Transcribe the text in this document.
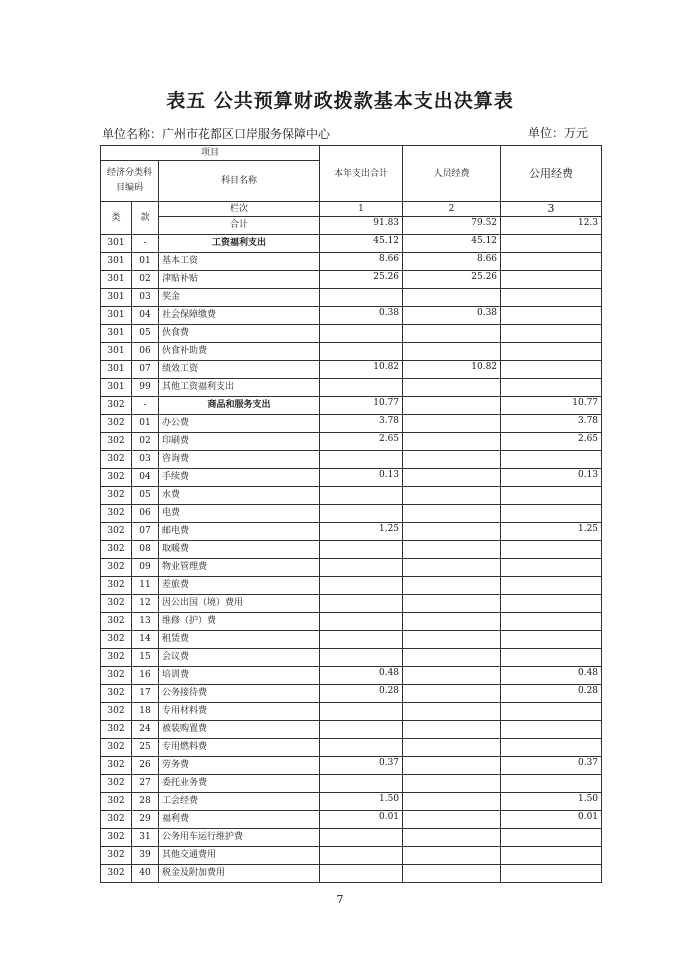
表五 公共预算财政拨款基本支出决算表
单位名称：广州市花都区口岸服务保障中心	单位：万元
项目			本年支出合计	人员经费	公用经费
经济分类科目编码		科目名称			

类	款	栏次	1	2	3
		合计	91.83	79.52	12.3
301	-	工资福利支出	45.12	45.12	
301	01	基本工资	8.66	8.66	
301	02	津贴补贴	25.26	25.26	
301	03	奖金			
301	04	社会保障缴费	0.38	0.38	
301	05	伙食费			
301	06	伙食补助费			
301	07	绩效工资	10.82	10.82	
301	99	其他工资福利支出			
302	-	商品和服务支出	10.77		10.77
302	01	办公费	3.78		3.78
302	02	印刷费	2.65		2.65
302	03	咨询费			
302	04	手续费	0.13		0.13
302	05	水费			
302	06	电费			
302	07	邮电费	1.25		1.25
302	08	取暖费			
302	09	物业管理费			
302	11	差旅费			
302	12	因公出国（境）费用			
302	13	维修（护）费			
302	14	租赁费			
302	15	会议费			
302	16	培训费	0.48		0.48
302	17	公务接待费	0.28		0.28
302	18	专用材料费			
302	24	被装购置费			
302	25	专用燃料费			
302	26	劳务费	0.37		0.37
302	27	委托业务费			
302	28	工会经费	1.50		1.50
302	29	福利费	0.01		0.01
302	31	公务用车运行维护费			
302	39	其他交通费用			
302	40	税金及附加费用			
7
